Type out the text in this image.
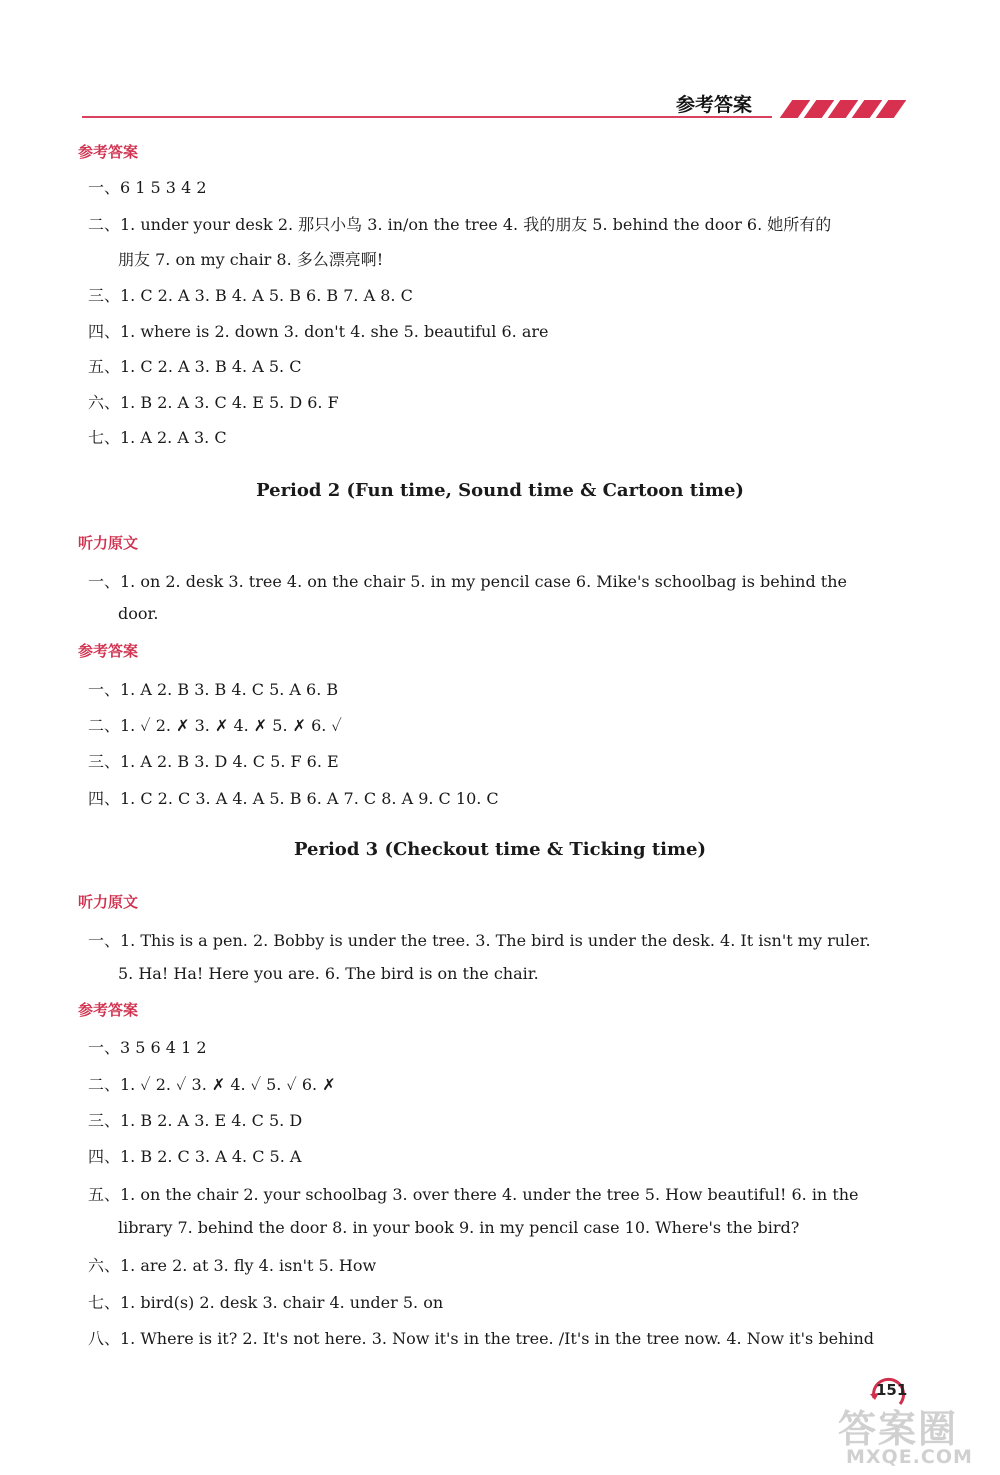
参考答案
参考答案
一、6 1 5 3 4 2
二、1. under your desk 2. 那只小鸟 3. in/on the tree 4. 我的朋友 5. behind the door 6. 她所有的
朋友 7. on my chair 8. 多么漂亮啊!
三、1. C 2. A 3. B 4. A 5. B 6. B 7. A 8. C
四、1. where is 2. down 3. don't 4. she 5. beautiful 6. are
五、1. C 2. A 3. B 4. A 5. C
六、1. B 2. A 3. C 4. E 5. D 6. F
七、1. A 2. A 3. C
Period 2 (Fun time, Sound time & Cartoon time)
听力原文
一、1. on 2. desk 3. tree 4. on the chair 5. in my pencil case 6. Mike's schoolbag is behind the
door.
参考答案
一、1. A 2. B 3. B 4. C 5. A 6. B
二、1. ✓ 2. ✗ 3. ✗ 4. ✗ 5. ✗ 6. ✓
三、1. A 2. B 3. D 4. C 5. F 6. E
四、1. C 2. C 3. A 4. A 5. B 6. A 7. C 8. A 9. C 10. C
Period 3 (Checkout time & Ticking time)
听力原文
一、1. This is a pen. 2. Bobby is under the tree. 3. The bird is under the desk. 4. It isn't my ruler.
5. Ha! Ha! Here you are. 6. The bird is on the chair.
参考答案
一、3 5 6 4 1 2
二、1. ✓ 2. ✓ 3. ✗ 4. ✓ 5. ✓ 6. ✗
三、1. B 2. A 3. E 4. C 5. D
四、1. B 2. C 3. A 4. C 5. A
五、1. on the chair 2. your schoolbag 3. over there 4. under the tree 5. How beautiful! 6. in the
library 7. behind the door 8. in your book 9. in my pencil case 10. Where's the bird?
六、1. are 2. at 3. fly 4. isn't 5. How
七、1. bird(s) 2. desk 3. chair 4. under 5. on
八、1. Where is it? 2. It's not here. 3. Now it's in the tree. /It's in the tree now. 4. Now it's behind
151
答案圈
MXQE.COM
